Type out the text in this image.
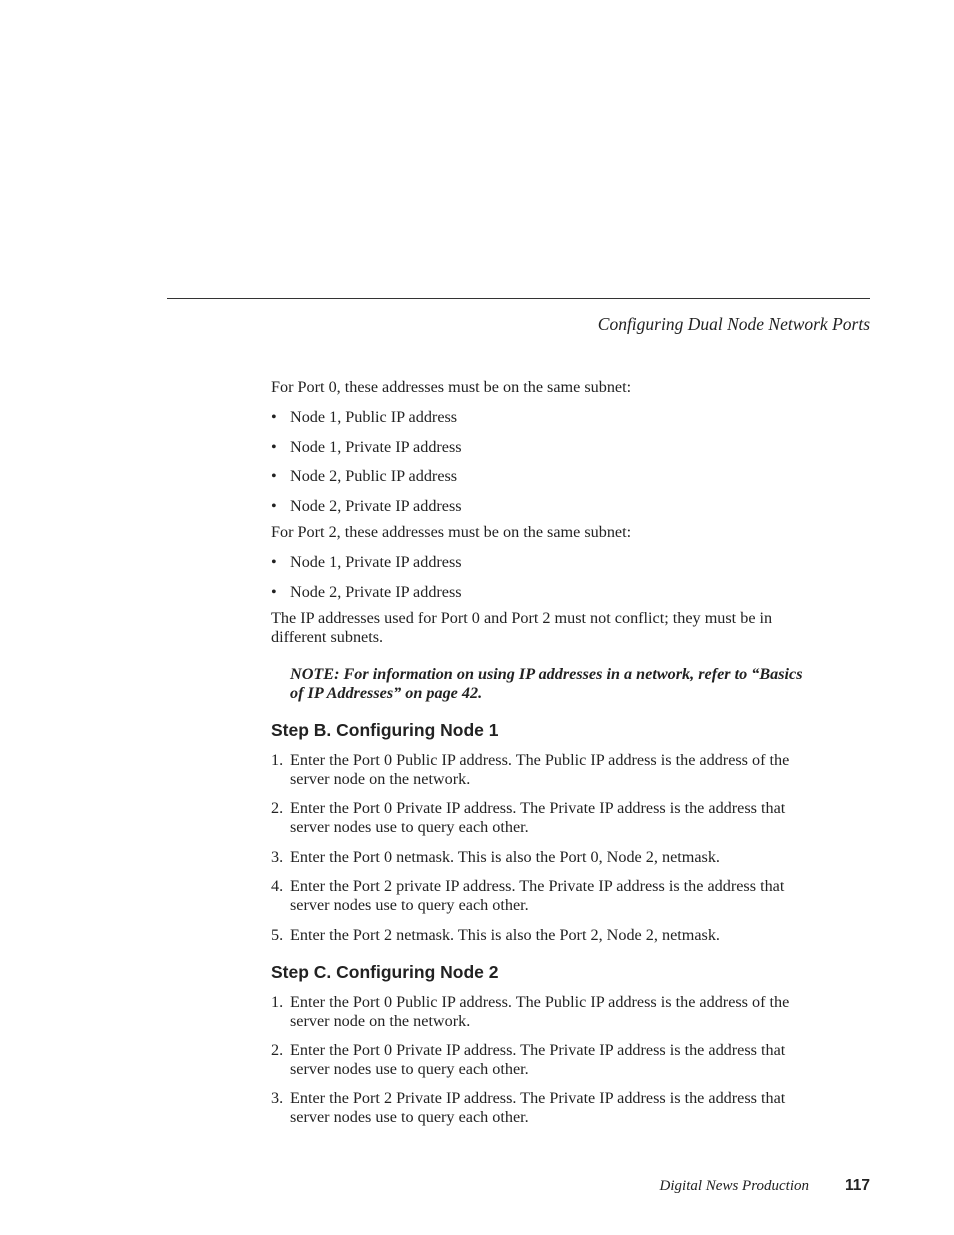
Configuring Dual Node Network Ports
For Port 0, these addresses must be on the same subnet:
• Node 1, Public IP address
• Node 1, Private IP address
• Node 2, Public IP address
• Node 2, Private IP address
For Port 2, these addresses must be on the same subnet:
• Node 1, Private IP address
• Node 2, Private IP address
The IP addresses used for Port 0 and Port 2 must not conflict; they must be in different subnets.
NOTE: For information on using IP addresses in a network, refer to “Basics of IP Addresses” on page 42.
Step B. Configuring Node 1
1. Enter the Port 0 Public IP address. The Public IP address is the address of the server node on the network.
2. Enter the Port 0 Private IP address. The Private IP address is the address that server nodes use to query each other.
3. Enter the Port 0 netmask. This is also the Port 0, Node 2, netmask.
4. Enter the Port 2 private IP address. The Private IP address is the address that server nodes use to query each other.
5. Enter the Port 2 netmask. This is also the Port 2, Node 2, netmask.
Step C. Configuring Node 2
1. Enter the Port 0 Public IP address. The Public IP address is the address of the server node on the network.
2. Enter the Port 0 Private IP address. The Private IP address is the address that server nodes use to query each other.
3. Enter the Port 2 Private IP address. The Private IP address is the address that server nodes use to query each other.
Digital News Production 117
